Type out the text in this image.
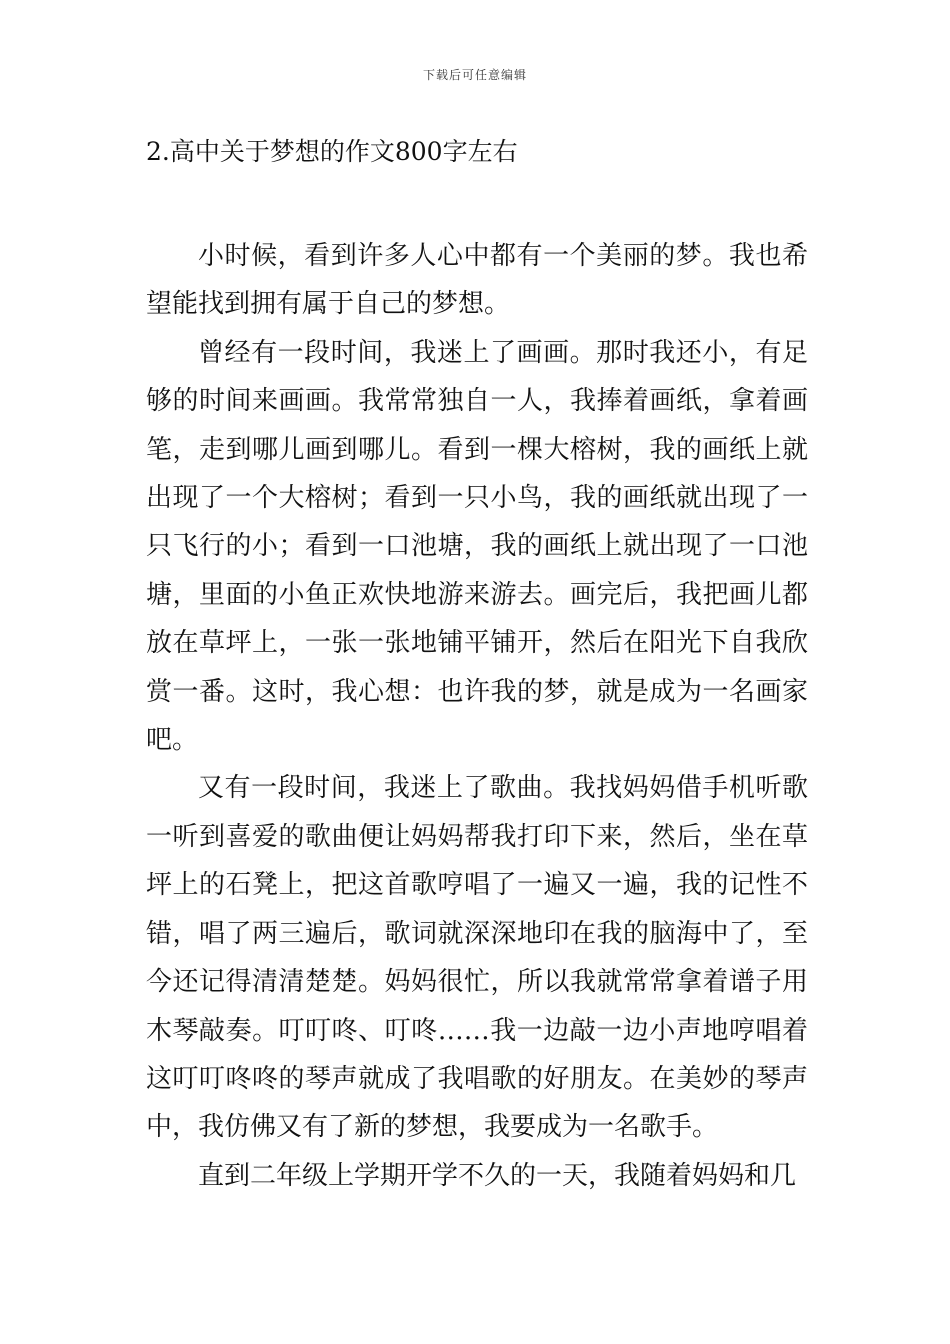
下载后可任意编辑
2.高中关于梦想的作文800字左右

小时候，看到许多人心中都有一个美丽的梦。我也希望能找到拥有属于自己的梦想。

曾经有一段时间，我迷上了画画。那时我还小，有足够的时间来画画。我常常独自一人，我捧着画纸，拿着画笔，走到哪儿画到哪儿。看到一棵大榕树，我的画纸上就出现了一个大榕树；看到一只小鸟，我的画纸就出现了一只飞行的小；看到一口池塘，我的画纸上就出现了一口池塘，里面的小鱼正欢快地游来游去。画完后，我把画儿都放在草坪上，一张一张地铺平铺开，然后在阳光下自我欣赏一番。这时，我心想：也许我的梦，就是成为一名画家吧。

又有一段时间，我迷上了歌曲。我找妈妈借手机听歌一听到喜爱的歌曲便让妈妈帮我打印下来，然后，坐在草坪上的石凳上，把这首歌哼唱了一遍又一遍，我的记性不错，唱了两三遍后，歌词就深深地印在我的脑海中了，至今还记得清清楚楚。妈妈很忙，所以我就常常拿着谱子用木琴敲奏。叮叮咚、叮咚……我一边敲一边小声地哼唱着这叮叮咚咚的琴声就成了我唱歌的好朋友。在美妙的琴声中，我仿佛又有了新的梦想，我要成为一名歌手。

直到二年级上学期开学不久的一天，我随着妈妈和几
